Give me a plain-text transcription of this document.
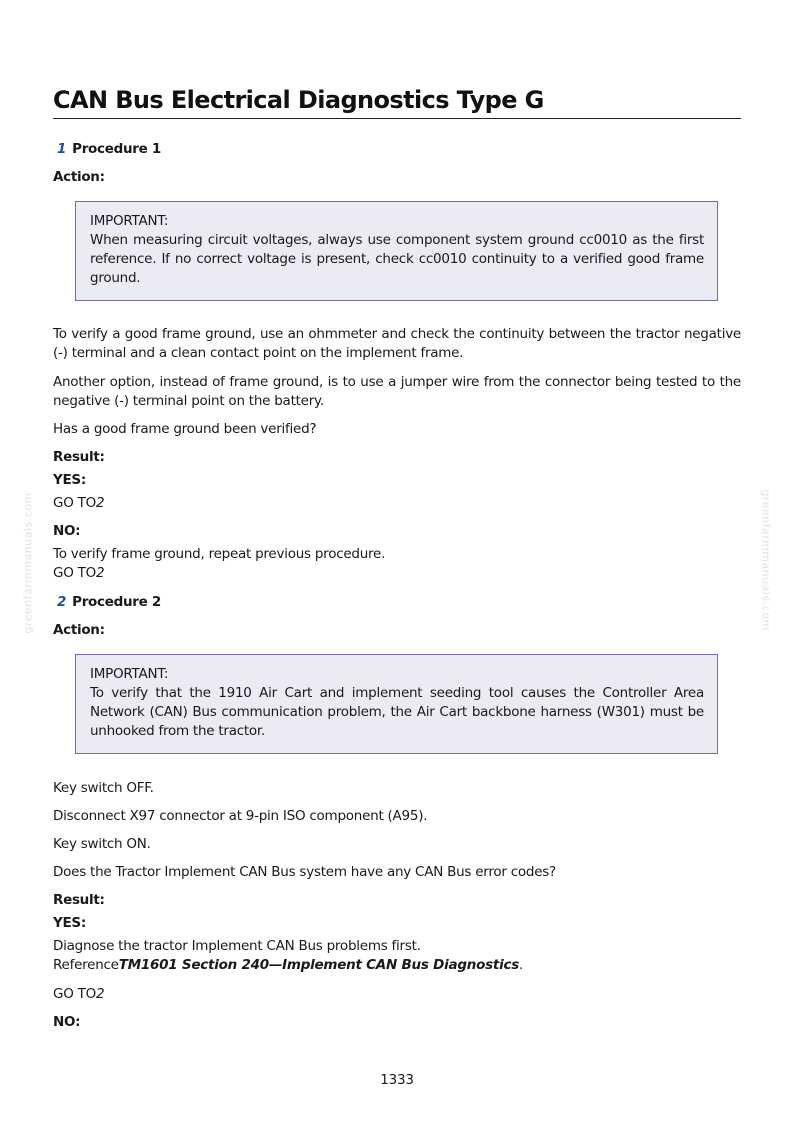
greenfarmmanuals.com	greenfarmmanuals.com
CAN Bus Electrical Diagnostics Type G
1 Procedure 1
Action:
IMPORTANT:
When measuring circuit voltages, always use component system ground cc0010 as the first reference. If no correct voltage is present, check cc0010 continuity to a verified good frame ground.
To verify a good frame ground, use an ohmmeter and check the continuity between the tractor negative (-) terminal and a clean contact point on the implement frame.
Another option, instead of frame ground, is to use a jumper wire from the connector being tested to the negative (-) terminal point on the battery.
Has a good frame ground been verified?
Result:
YES:
GO TO2
NO:
To verify frame ground, repeat previous procedure.
GO TO2
2 Procedure 2
Action:
IMPORTANT:
To verify that the 1910 Air Cart and implement seeding tool causes the Controller Area Network (CAN) Bus communication problem, the Air Cart backbone harness (W301) must be unhooked from the tractor.
Key switch OFF.
Disconnect X97 connector at 9-pin ISO component (A95).
Key switch ON.
Does the Tractor Implement CAN Bus system have any CAN Bus error codes?
Result:
YES:
Diagnose the tractor Implement CAN Bus problems first.
ReferenceTM1601 Section 240—Implement CAN Bus Diagnostics.
GO TO2
NO:
1333
